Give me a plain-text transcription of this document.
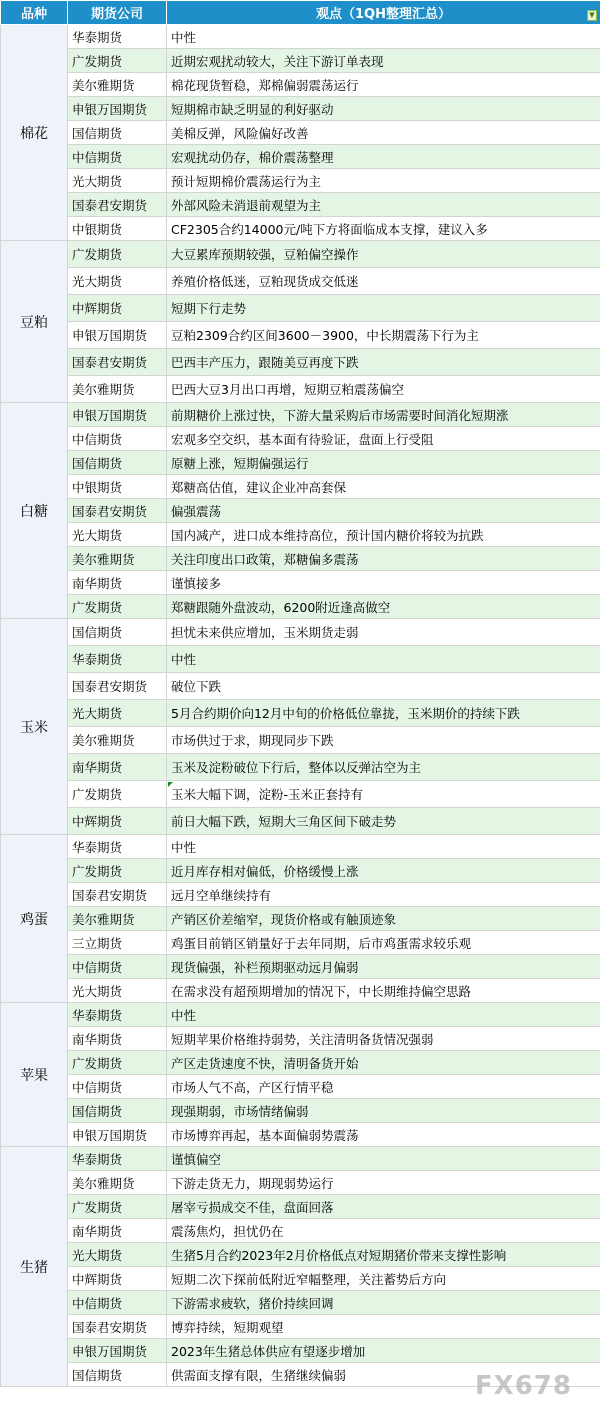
品种	期货公司	观点（1QH整理汇总） ▼

棉花	华泰期货	中性
	广发期货	近期宏观扰动较大，关注下游订单表现
	美尔雅期货	棉花现货暂稳，郑棉偏弱震荡运行
	申银万国期货	短期棉市缺乏明显的利好驱动
	国信期货	美棉反弹，风险偏好改善
	中信期货	宏观扰动仍存，棉价震荡整理
	光大期货	预计短期棉价震荡运行为主
	国泰君安期货	外部风险未消退前观望为主
	中银期货	CF2305合约14000元/吨下方将面临成本支撑，建议入多
豆粕	广发期货	大豆累库预期较强，豆粕偏空操作
	光大期货	养殖价格低迷，豆粕现货成交低迷
	中辉期货	短期下行走势
	申银万国期货	豆粕2309合约区间3600－3900，中长期震荡下行为主
	国泰君安期货	巴西丰产压力，跟随美豆再度下跌
	美尔雅期货	巴西大豆3月出口再增，短期豆粕震荡偏空
白糖	申银万国期货	前期糖价上涨过快，下游大量采购后市场需要时间消化短期涨
	中信期货	宏观多空交织，基本面有待验证，盘面上行受阻
	国信期货	原糖上涨，短期偏强运行
	中银期货	郑糖高估值，建议企业冲高套保
	国泰君安期货	偏强震荡
	光大期货	国内减产，进口成本维持高位，预计国内糖价将较为抗跌
	美尔雅期货	关注印度出口政策，郑糖偏多震荡
	南华期货	谨慎接多
	广发期货	郑糖跟随外盘波动，6200附近逢高做空
玉米	国信期货	担忧未来供应增加，玉米期货走弱
	华泰期货	中性
	国泰君安期货	破位下跌
	光大期货	5月合约期价向12月中旬的价格低位靠拢，玉米期价的持续下跌
	美尔雅期货	市场供过于求，期现同步下跌
	南华期货	玉米及淀粉破位下行后，整体以反弹沽空为主
	广发期货	玉米大幅下调，淀粉-玉米正套持有
	中辉期货	前日大幅下跌，短期大三角区间下破走势
鸡蛋	华泰期货	中性
	广发期货	近月库存相对偏低，价格缓慢上涨
	国泰君安期货	远月空单继续持有
	美尔雅期货	产销区价差缩窄，现货价格或有触顶迹象
	三立期货	鸡蛋目前销区销量好于去年同期，后市鸡蛋需求较乐观
	中信期货	现货偏强，补栏预期驱动远月偏弱
	光大期货	在需求没有超预期增加的情况下，中长期维持偏空思路
苹果	华泰期货	中性
	南华期货	短期苹果价格维持弱势，关注清明备货情况强弱
	广发期货	产区走货速度不快，清明备货开始
	中信期货	市场人气不高，产区行情平稳
	国信期货	现强期弱，市场情绪偏弱
	申银万国期货	市场博弈再起，基本面偏弱势震荡
生猪	华泰期货	谨慎偏空
	美尔雅期货	下游走货无力，期现弱势运行
	广发期货	屠宰亏损成交不佳，盘面回落
	南华期货	震荡焦灼，担忧仍在
	光大期货	生猪5月合约2023年2月价格低点对短期猪价带来支撑性影响
	中辉期货	短期二次下探前低附近窄幅整理，关注蓄势后方向
	中信期货	下游需求疲软，猪价持续回调
	国泰君安期货	博弈持续，短期观望
	申银万国期货	2023年生猪总体供应有望逐步增加
	国信期货	供需面支撑有限，生猪继续偏弱	FX678
